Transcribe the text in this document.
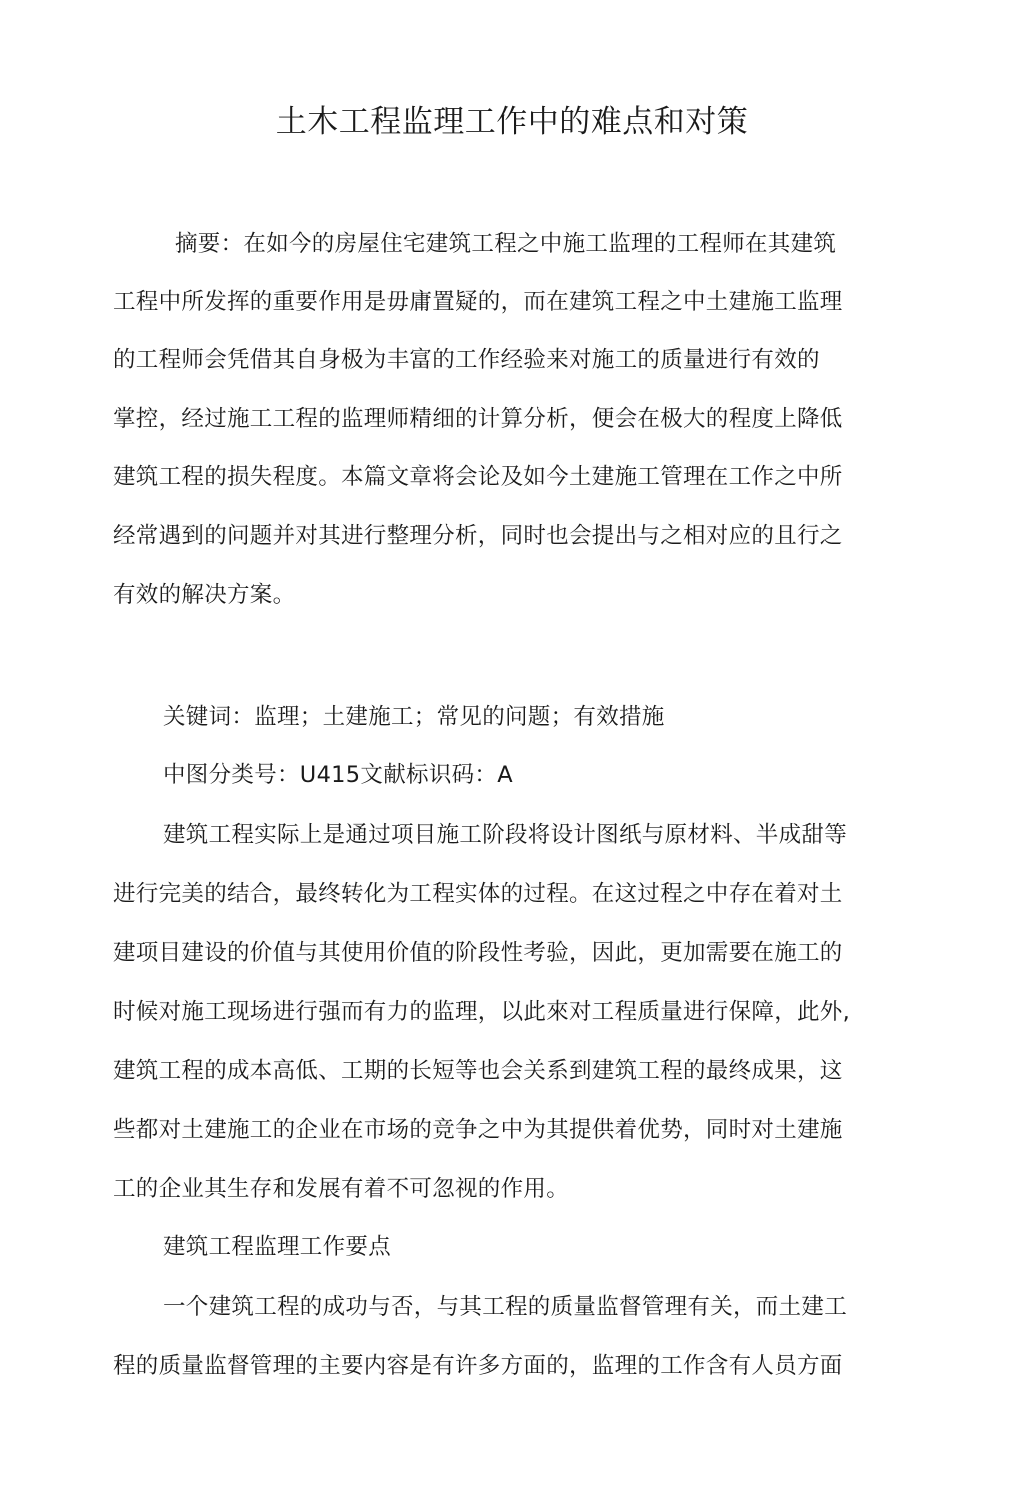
土木工程监理工作中的难点和对策

摘要：在如今的房屋住宅建筑工程之中施工监理的工程师在其建筑

工程中所发挥的重要作用是毋庸置疑的，而在建筑工程之中土建施工监理

的工程师会凭借其自身极为丰富的工作经验来对施工的质量进行有效的

掌控，经过施工工程的监理师精细的计算分析，便会在极大的程度上降低

建筑工程的损失程度。本篇文章将会论及如今土建施工管理在工作之中所

经常遇到的问题并对其进行整理分析，同时也会提出与之相对应的且行之

有效的解决方案。

关键词：监理；土建施工；常见的问题；有效措施

中图分类号：U415文献标识码：A

建筑工程实际上是通过项目施工阶段将设计图纸与原材料、半成甜等

进行完美的结合，最终转化为工程实体的过程。在这过程之中存在着对土

建项目建设的价值与其使用价值的阶段性考验，因此，更加需要在施工的

时候对施工现场进行强而有力的监理，以此來对工程质量进行保障，此外,

建筑工程的成本高低、工期的长短等也会关系到建筑工程的最终成果，这

些都对土建施工的企业在市场的竞争之中为其提供着优势，同时对土建施

工的企业其生存和发展有着不可忽视的作用。

建筑工程监理工作要点

一个建筑工程的成功与否，与其工程的质量监督管理有关，而土建工

程的质量监督管理的主要内容是有许多方面的，监理的工作含有人员方面
